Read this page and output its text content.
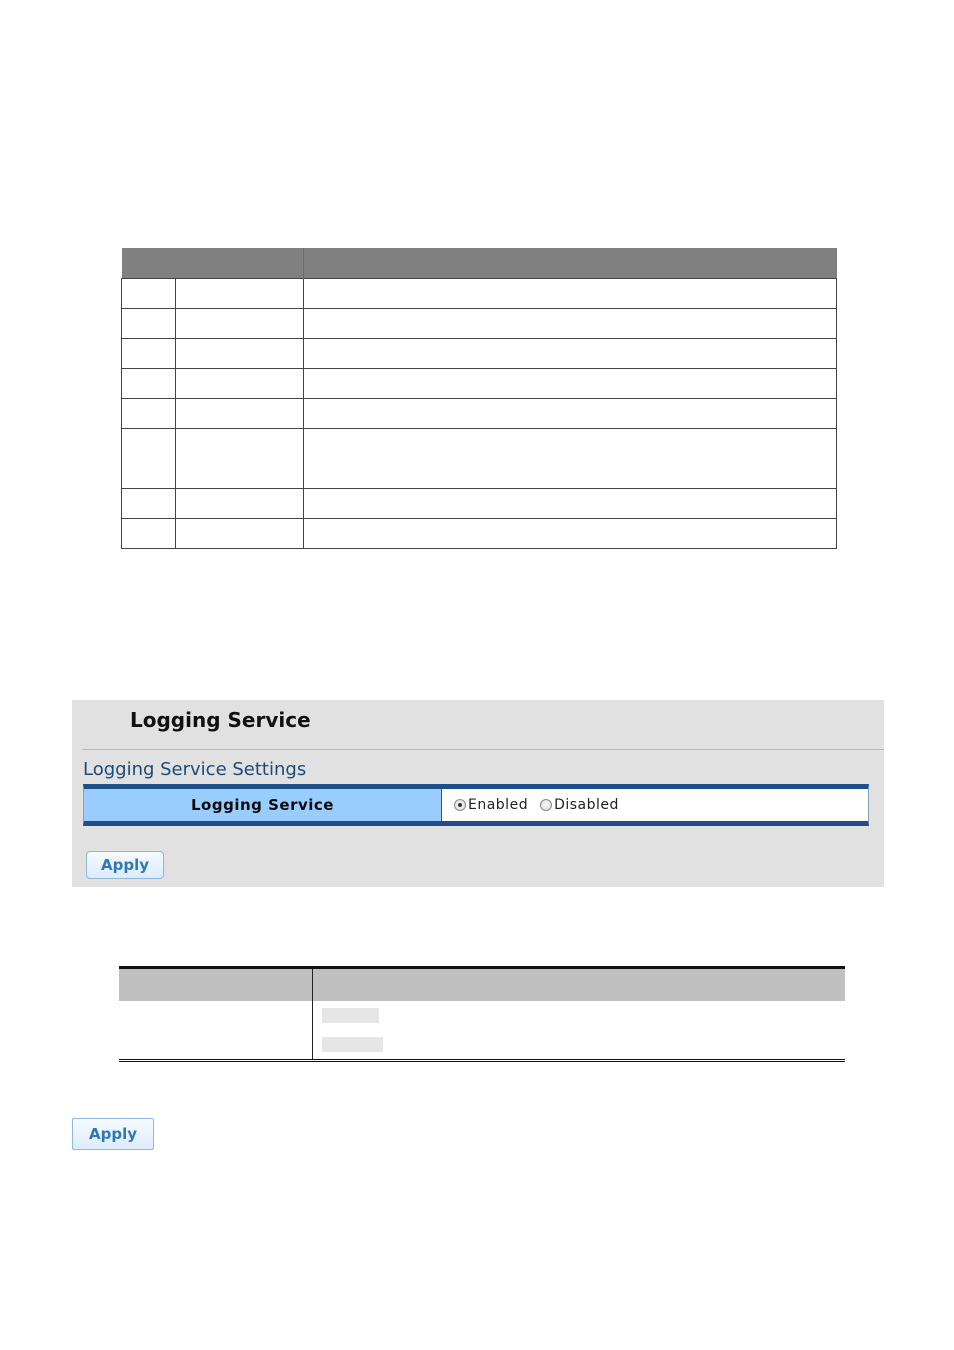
Logging Service
Logging Service Settings
Logging Service	Enabled Disabled
Apply

Apply
